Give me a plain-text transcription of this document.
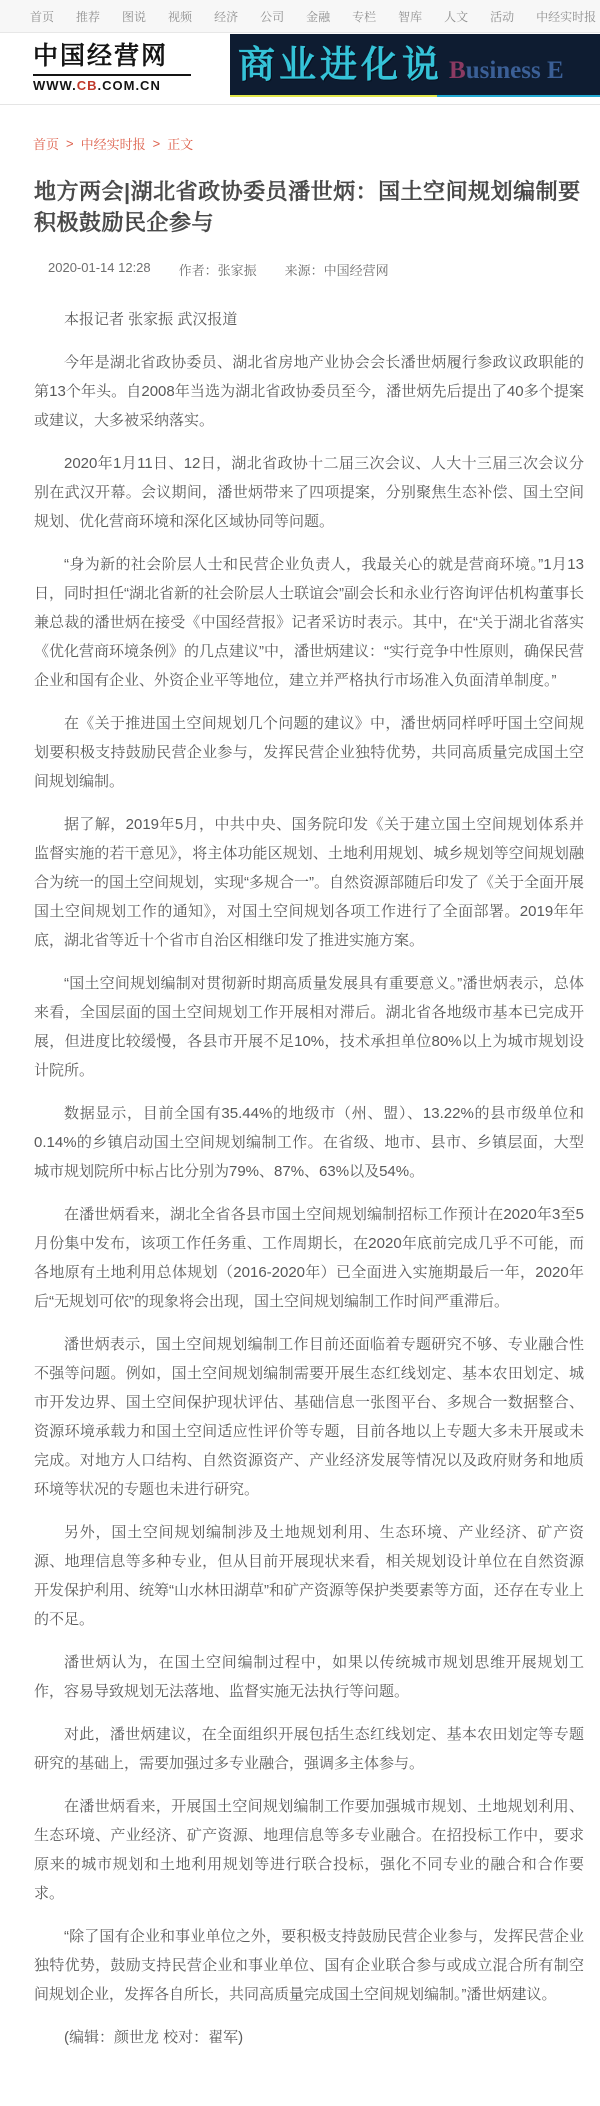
首页 推荐 图说 视频 经济 公司 金融 专栏 智库 人文 活动 中经实时报
中国经营网
WWW.CB.COM.CN	商业进化说 Business E
首页 > 中经实时报 > 正文
地方两会|湖北省政协委员潘世炳：国土空间规划编制要积极鼓励民企参与
2020-01-14 12:28 作者：张家振 来源：中国经营网

本报记者 张家振 武汉报道

今年是湖北省政协委员、湖北省房地产业协会会长潘世炳履行参政议政职能的第13个年头。自2008年当选为湖北省政协委员至今，潘世炳先后提出了40多个提案或建议，大多被采纳落实。

2020年1月11日、12日，湖北省政协十二届三次会议、人大十三届三次会议分别在武汉开幕。会议期间，潘世炳带来了四项提案，分别聚焦生态补偿、国土空间规划、优化营商环境和深化区域协同等问题。

“身为新的社会阶层人士和民营企业负责人，我最关心的就是营商环境。”1月13日，同时担任“湖北省新的社会阶层人士联谊会”副会长和永业行咨询评估机构董事长兼总裁的潘世炳在接受《中国经营报》记者采访时表示。其中，在“关于湖北省落实《优化营商环境条例》的几点建议”中，潘世炳建议：“实行竞争中性原则，确保民营企业和国有企业、外资企业平等地位，建立并严格执行市场准入负面清单制度。”

在《关于推进国土空间规划几个问题的建议》中，潘世炳同样呼吁国土空间规划要积极支持鼓励民营企业参与，发挥民营企业独特优势，共同高质量完成国土空间规划编制。

据了解，2019年5月，中共中央、国务院印发《关于建立国土空间规划体系并监督实施的若干意见》，将主体功能区规划、土地利用规划、城乡规划等空间规划融合为统一的国土空间规划，实现“多规合一”。自然资源部随后印发了《关于全面开展国土空间规划工作的通知》，对国土空间规划各项工作进行了全面部署。2019年年底，湖北省等近十个省市自治区相继印发了推进实施方案。

“国土空间规划编制对贯彻新时期高质量发展具有重要意义。”潘世炳表示，总体来看，全国层面的国土空间规划工作开展相对滞后。湖北省各地级市基本已完成开展，但进度比较缓慢，各县市开展不足10%，技术承担单位80%以上为城市规划设计院所。

数据显示，目前全国有35.44%的地级市（州、盟）、13.22%的县市级单位和0.14%的乡镇启动国土空间规划编制工作。在省级、地市、县市、乡镇层面，大型城市规划院所中标占比分别为79%、87%、63%以及54%。

在潘世炳看来，湖北全省各县市国土空间规划编制招标工作预计在2020年3至5月份集中发布，该项工作任务重、工作周期长，在2020年底前完成几乎不可能，而各地原有土地利用总体规划（2016-2020年）已全面进入实施期最后一年，2020年后“无规划可依”的现象将会出现，国土空间规划编制工作时间严重滞后。

潘世炳表示，国土空间规划编制工作目前还面临着专题研究不够、专业融合性不强等问题。例如，国土空间规划编制需要开展生态红线划定、基本农田划定、城市开发边界、国土空间保护现状评估、基础信息一张图平台、多规合一数据整合、资源环境承载力和国土空间适应性评价等专题，目前各地以上专题大多未开展或未完成。对地方人口结构、自然资源资产、产业经济发展等情况以及政府财务和地质环境等状况的专题也未进行研究。

另外，国土空间规划编制涉及土地规划利用、生态环境、产业经济、矿产资源、地理信息等多种专业，但从目前开展现状来看，相关规划设计单位在自然资源开发保护利用、统筹“山水林田湖草”和矿产资源等保护类要素等方面，还存在专业上的不足。

潘世炳认为，在国土空间编制过程中，如果以传统城市规划思维开展规划工作，容易导致规划无法落地、监督实施无法执行等问题。

对此，潘世炳建议，在全面组织开展包括生态红线划定、基本农田划定等专题研究的基础上，需要加强过多专业融合，强调多主体参与。

在潘世炳看来，开展国土空间规划编制工作要加强城市规划、土地规划利用、生态环境、产业经济、矿产资源、地理信息等多专业融合。在招投标工作中，要求原来的城市规划和土地利用规划等进行联合投标，强化不同专业的融合和合作要求。

“除了国有企业和事业单位之外，要积极支持鼓励民营企业参与，发挥民营企业独特优势，鼓励支持民营企业和事业单位、国有企业联合参与或成立混合所有制空间规划企业，发挥各自所长，共同高质量完成国土空间规划编制。”潘世炳建议。

(编辑：颜世龙 校对：翟军)
